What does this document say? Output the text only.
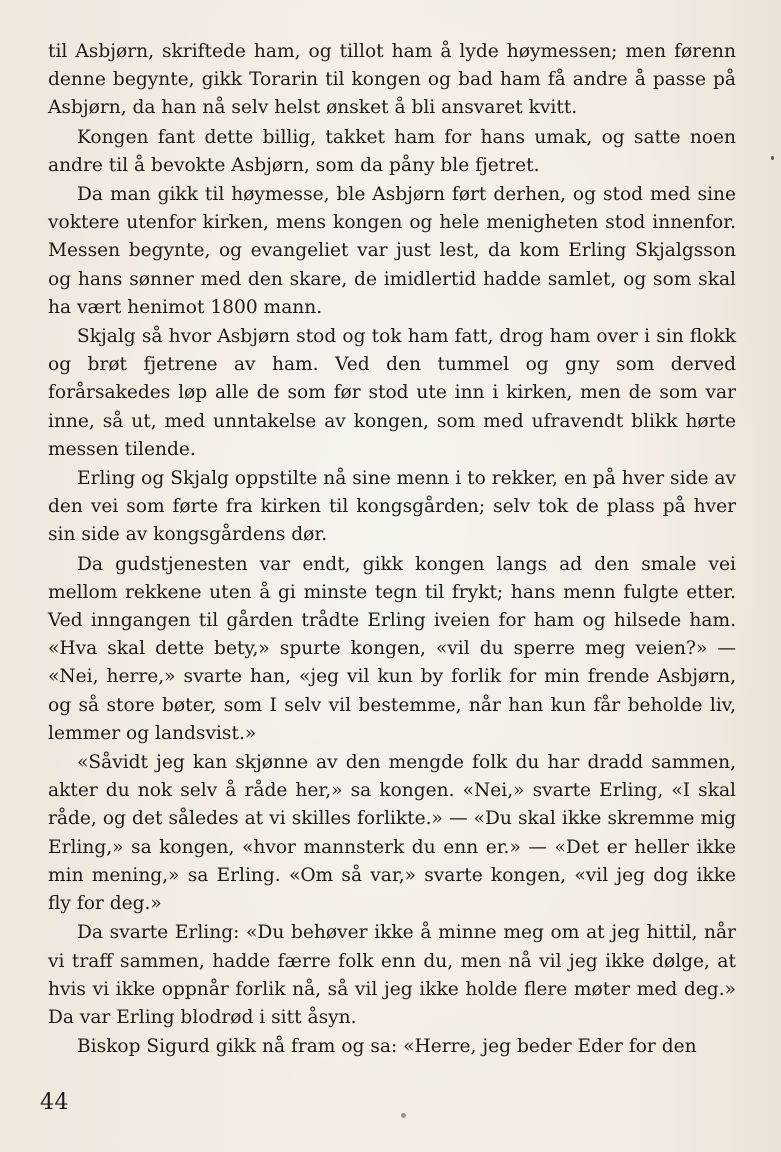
til Asbjørn, skriftede ham, og tillot ham å lyde høymessen; men førenn denne begynte, gikk Torarin til kongen og bad ham få andre å passe på Asbjørn, da han nå selv helst ønsket å bli ansvaret kvitt.

Kongen fant dette billig, takket ham for hans umak, og satte noen andre til å bevokte Asbjørn, som da påny ble fjetret.

Da man gikk til høymesse, ble Asbjørn ført derhen, og stod med sine voktere utenfor kirken, mens kongen og hele menigheten stod innenfor. Messen begynte, og evangeliet var just lest, da kom Erling Skjalgsson og hans sønner med den skare, de imidlertid hadde samlet, og som skal ha vært henimot 1800 mann.

Skjalg så hvor Asbjørn stod og tok ham fatt, drog ham over i sin flokk og brøt fjetrene av ham. Ved den tummel og gny som derved forårsakedes løp alle de som før stod ute inn i kirken, men de som var inne, så ut, med unntakelse av kongen, som med ufravendt blikk hørte messen tilende.

Erling og Skjalg oppstilte nå sine menn i to rekker, en på hver side av den vei som førte fra kirken til kongsgården; selv tok de plass på hver sin side av kongsgårdens dør.

Da gudstjenesten var endt, gikk kongen langs ad den smale vei mellom rekkene uten å gi minste tegn til frykt; hans menn fulgte etter. Ved inngangen til gården trådte Erling iveien for ham og hilsede ham. «Hva skal dette bety,» spurte kongen, «vil du sperre meg veien?» — «Nei, herre,» svarte han, «jeg vil kun by forlik for min frende Asbjørn, og så store bøter, som I selv vil bestemme, når han kun får beholde liv, lemmer og landsvist.»

«Såvidt jeg kan skjønne av den mengde folk du har dradd sammen, akter du nok selv å råde her,» sa kongen. «Nei,» svarte Erling, «I skal råde, og det således at vi skilles forlikte.» — «Du skal ikke skremme mig Erling,» sa kongen, «hvor mannsterk du enn er.» — «Det er heller ikke min mening,» sa Erling. «Om så var,» svarte kongen, «vil jeg dog ikke fly for deg.»

Da svarte Erling: «Du behøver ikke å minne meg om at jeg hittil, når vi traff sammen, hadde færre folk enn du, men nå vil jeg ikke dølge, at hvis vi ikke oppnår forlik nå, så vil jeg ikke holde flere møter med deg.» Da var Erling blodrød i sitt åsyn.

Biskop Sigurd gikk nå fram og sa: «Herre, jeg beder Eder for den

44
